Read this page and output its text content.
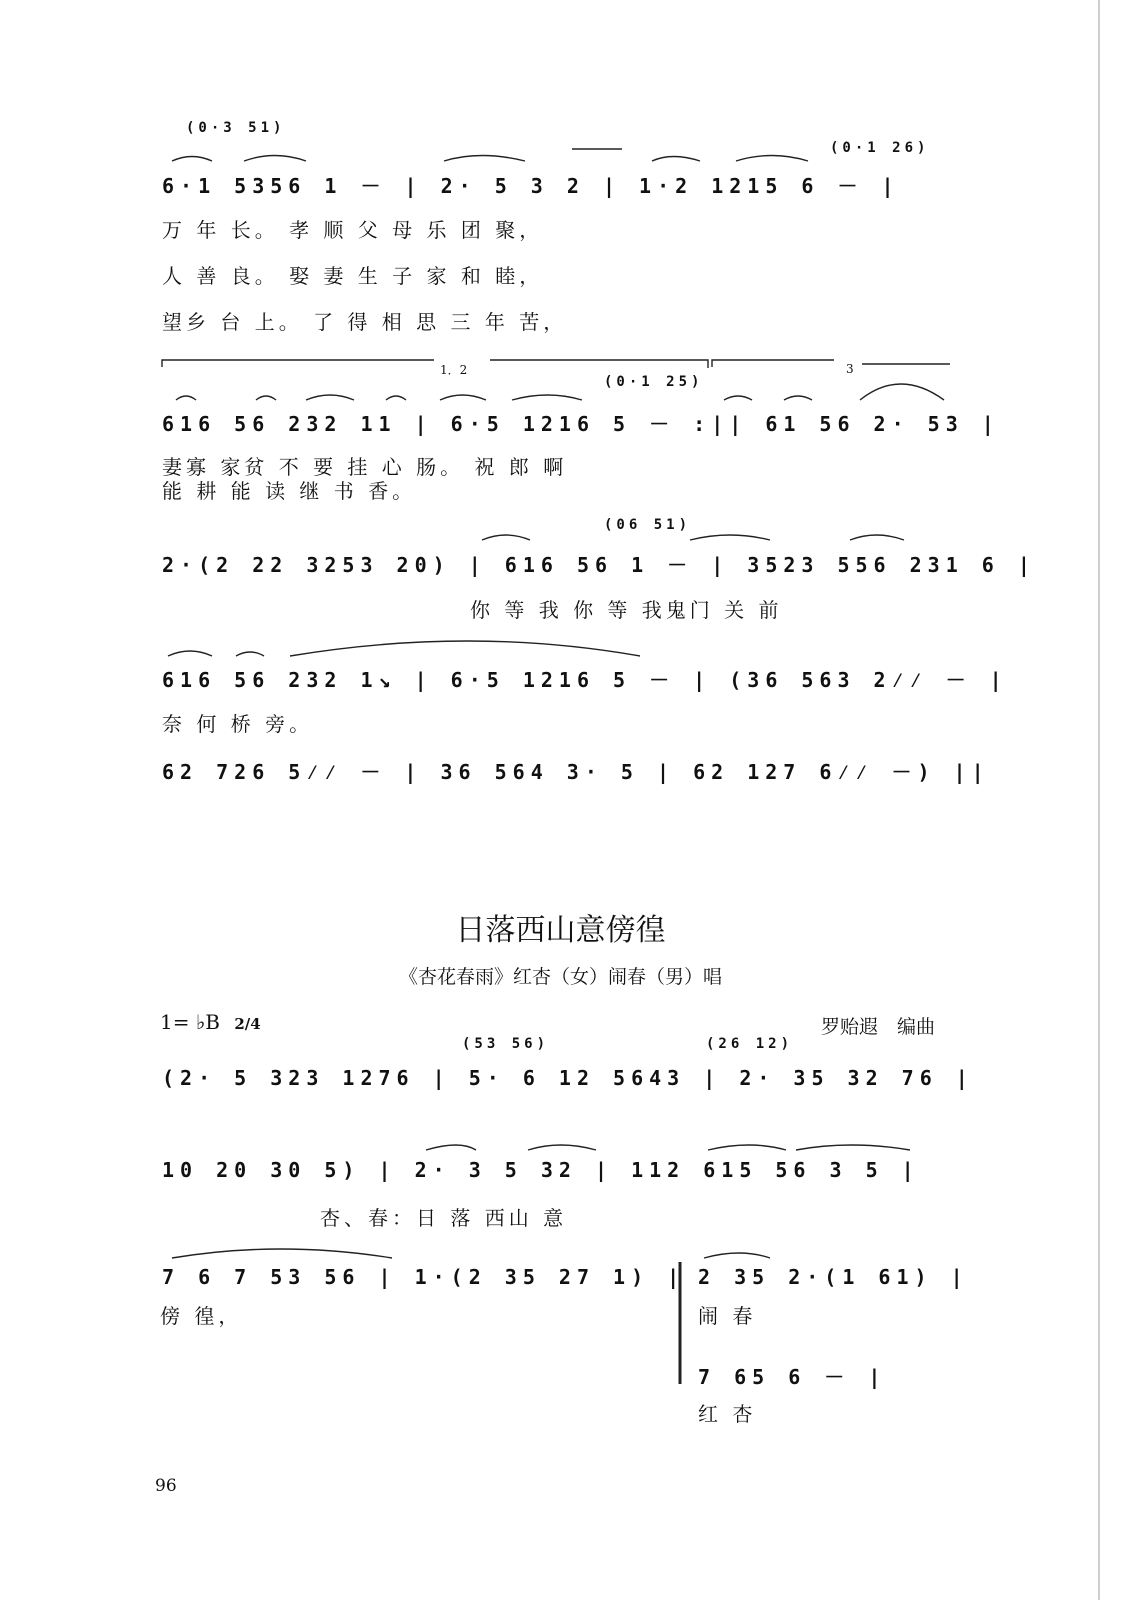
(0·3 51)
(0·1 26)
6·1 5356 1 － | 2· 5 3 2 | 1·2 1215 6 － |
万 年 长。 孝 顺 父 母 乐 团 聚，
人 善 良。 娶 妻 生 子 家 和 睦，
望乡 台 上。 了 得 相 思 三 年 苦，
1．2	3
(0·1 25)
616 56 232 11 | 6·5 1216 5 － :|| 61 56 2· 53 |
妻寡 家贫 不 要 挂 心 肠。 祝 郎 啊
能 耕 能 读 继 书 香。
(06 51)
2·(2 22 3253 20) | 616 56 1 － | 3523 556 231 6 |
你 等 我 你 等 我鬼门 关 前
616 56 232 1↘ | 6·5 1216 5 － | (36 563 2⁄⁄ － |
奈 何 桥 旁。
62 726 5⁄⁄ － | 36 564 3· 5 | 62 127 6⁄⁄ －) ||
日落西山意傍徨
《杏花春雨》红杏（女）闹春（男）唱
1= ♭B 2/4	罗贻遐　编曲
(53 56)	(26 12)
(2· 5 323 1276 | 5· 6 12 5643 | 2· 35 32 76 |
10 20 30 5) | 2· 3 5 32 | 112 615 56 3 5 |
杏、春：日 落 西山 意
7 6 7 53 56 | 1·(2 35 27 1) |
傍 徨，
2 35 2·(1 61) |
闹 春
7 65 6 － |
红 杏
96
